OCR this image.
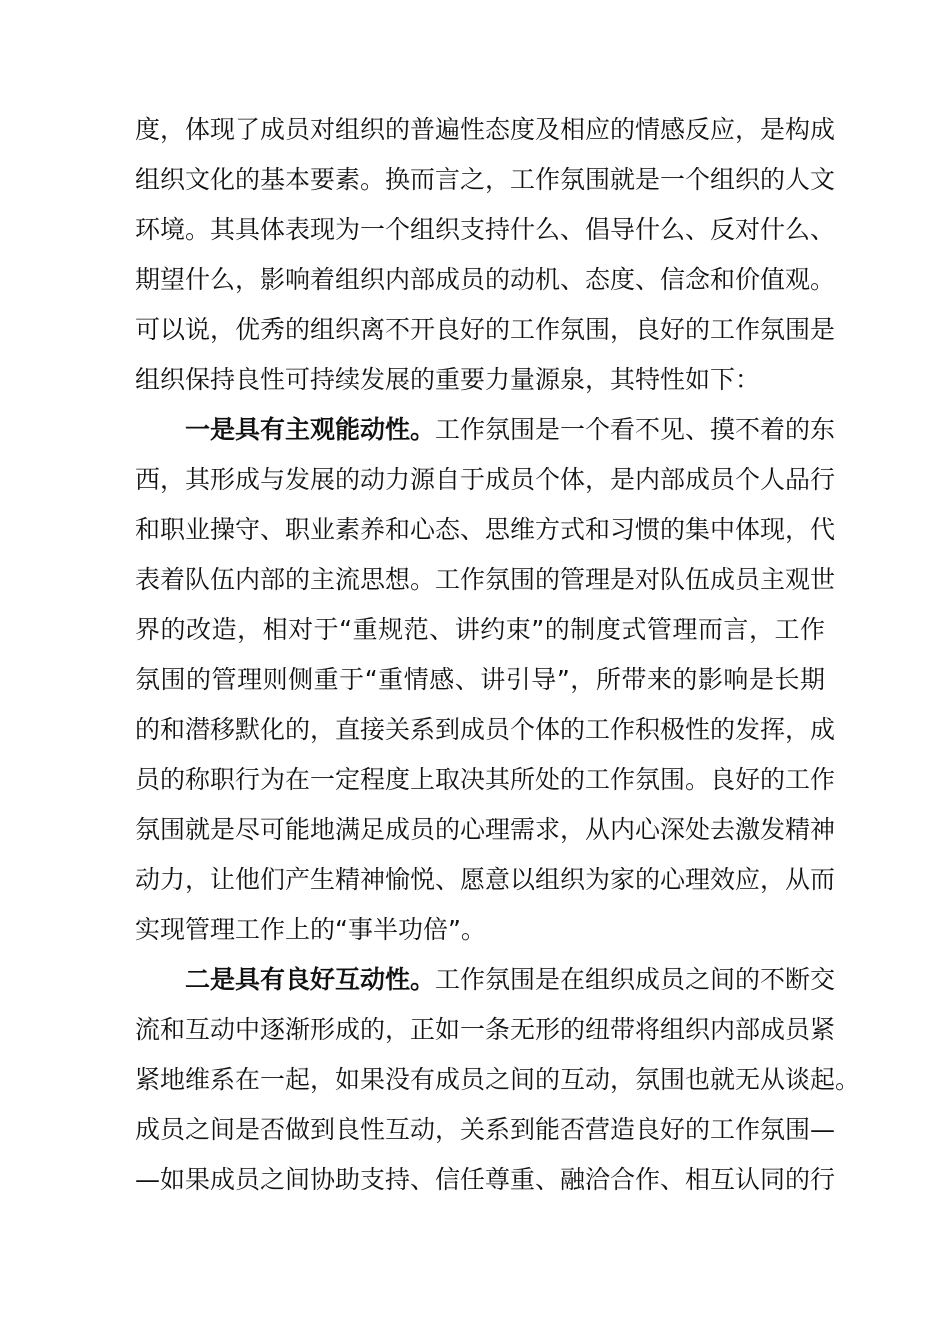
度，体现了成员对组织的普遍性态度及相应的情感反应，是构成
组织文化的基本要素。换而言之，工作氛围就是一个组织的人文
环境。其具体表现为一个组织支持什么、倡导什么、反对什么、
期望什么，影响着组织内部成员的动机、态度、信念和价值观。
可以说，优秀的组织离不开良好的工作氛围，良好的工作氛围是
组织保持良性可持续发展的重要力量源泉，其特性如下：
一是具有主观能动性。工作氛围是一个看不见、摸不着的东
西，其形成与发展的动力源自于成员个体，是内部成员个人品行
和职业操守、职业素养和心态、思维方式和习惯的集中体现，代
表着队伍内部的主流思想。工作氛围的管理是对队伍成员主观世
界的改造，相对于“重规范、讲约束”的制度式管理而言，工作
氛围的管理则侧重于“重情感、讲引导”，所带来的影响是长期
的和潜移默化的，直接关系到成员个体的工作积极性的发挥，成
员的称职行为在一定程度上取决其所处的工作氛围。良好的工作
氛围就是尽可能地满足成员的心理需求，从内心深处去激发精神
动力，让他们产生精神愉悦、愿意以组织为家的心理效应，从而
实现管理工作上的“事半功倍”。
二是具有良好互动性。工作氛围是在组织成员之间的不断交
流和互动中逐渐形成的，正如一条无形的纽带将组织内部成员紧
紧地维系在一起，如果没有成员之间的互动，氛围也就无从谈起。
成员之间是否做到良性互动，关系到能否营造良好的工作氛围—
—如果成员之间协助支持、信任尊重、融洽合作、相互认同的行
